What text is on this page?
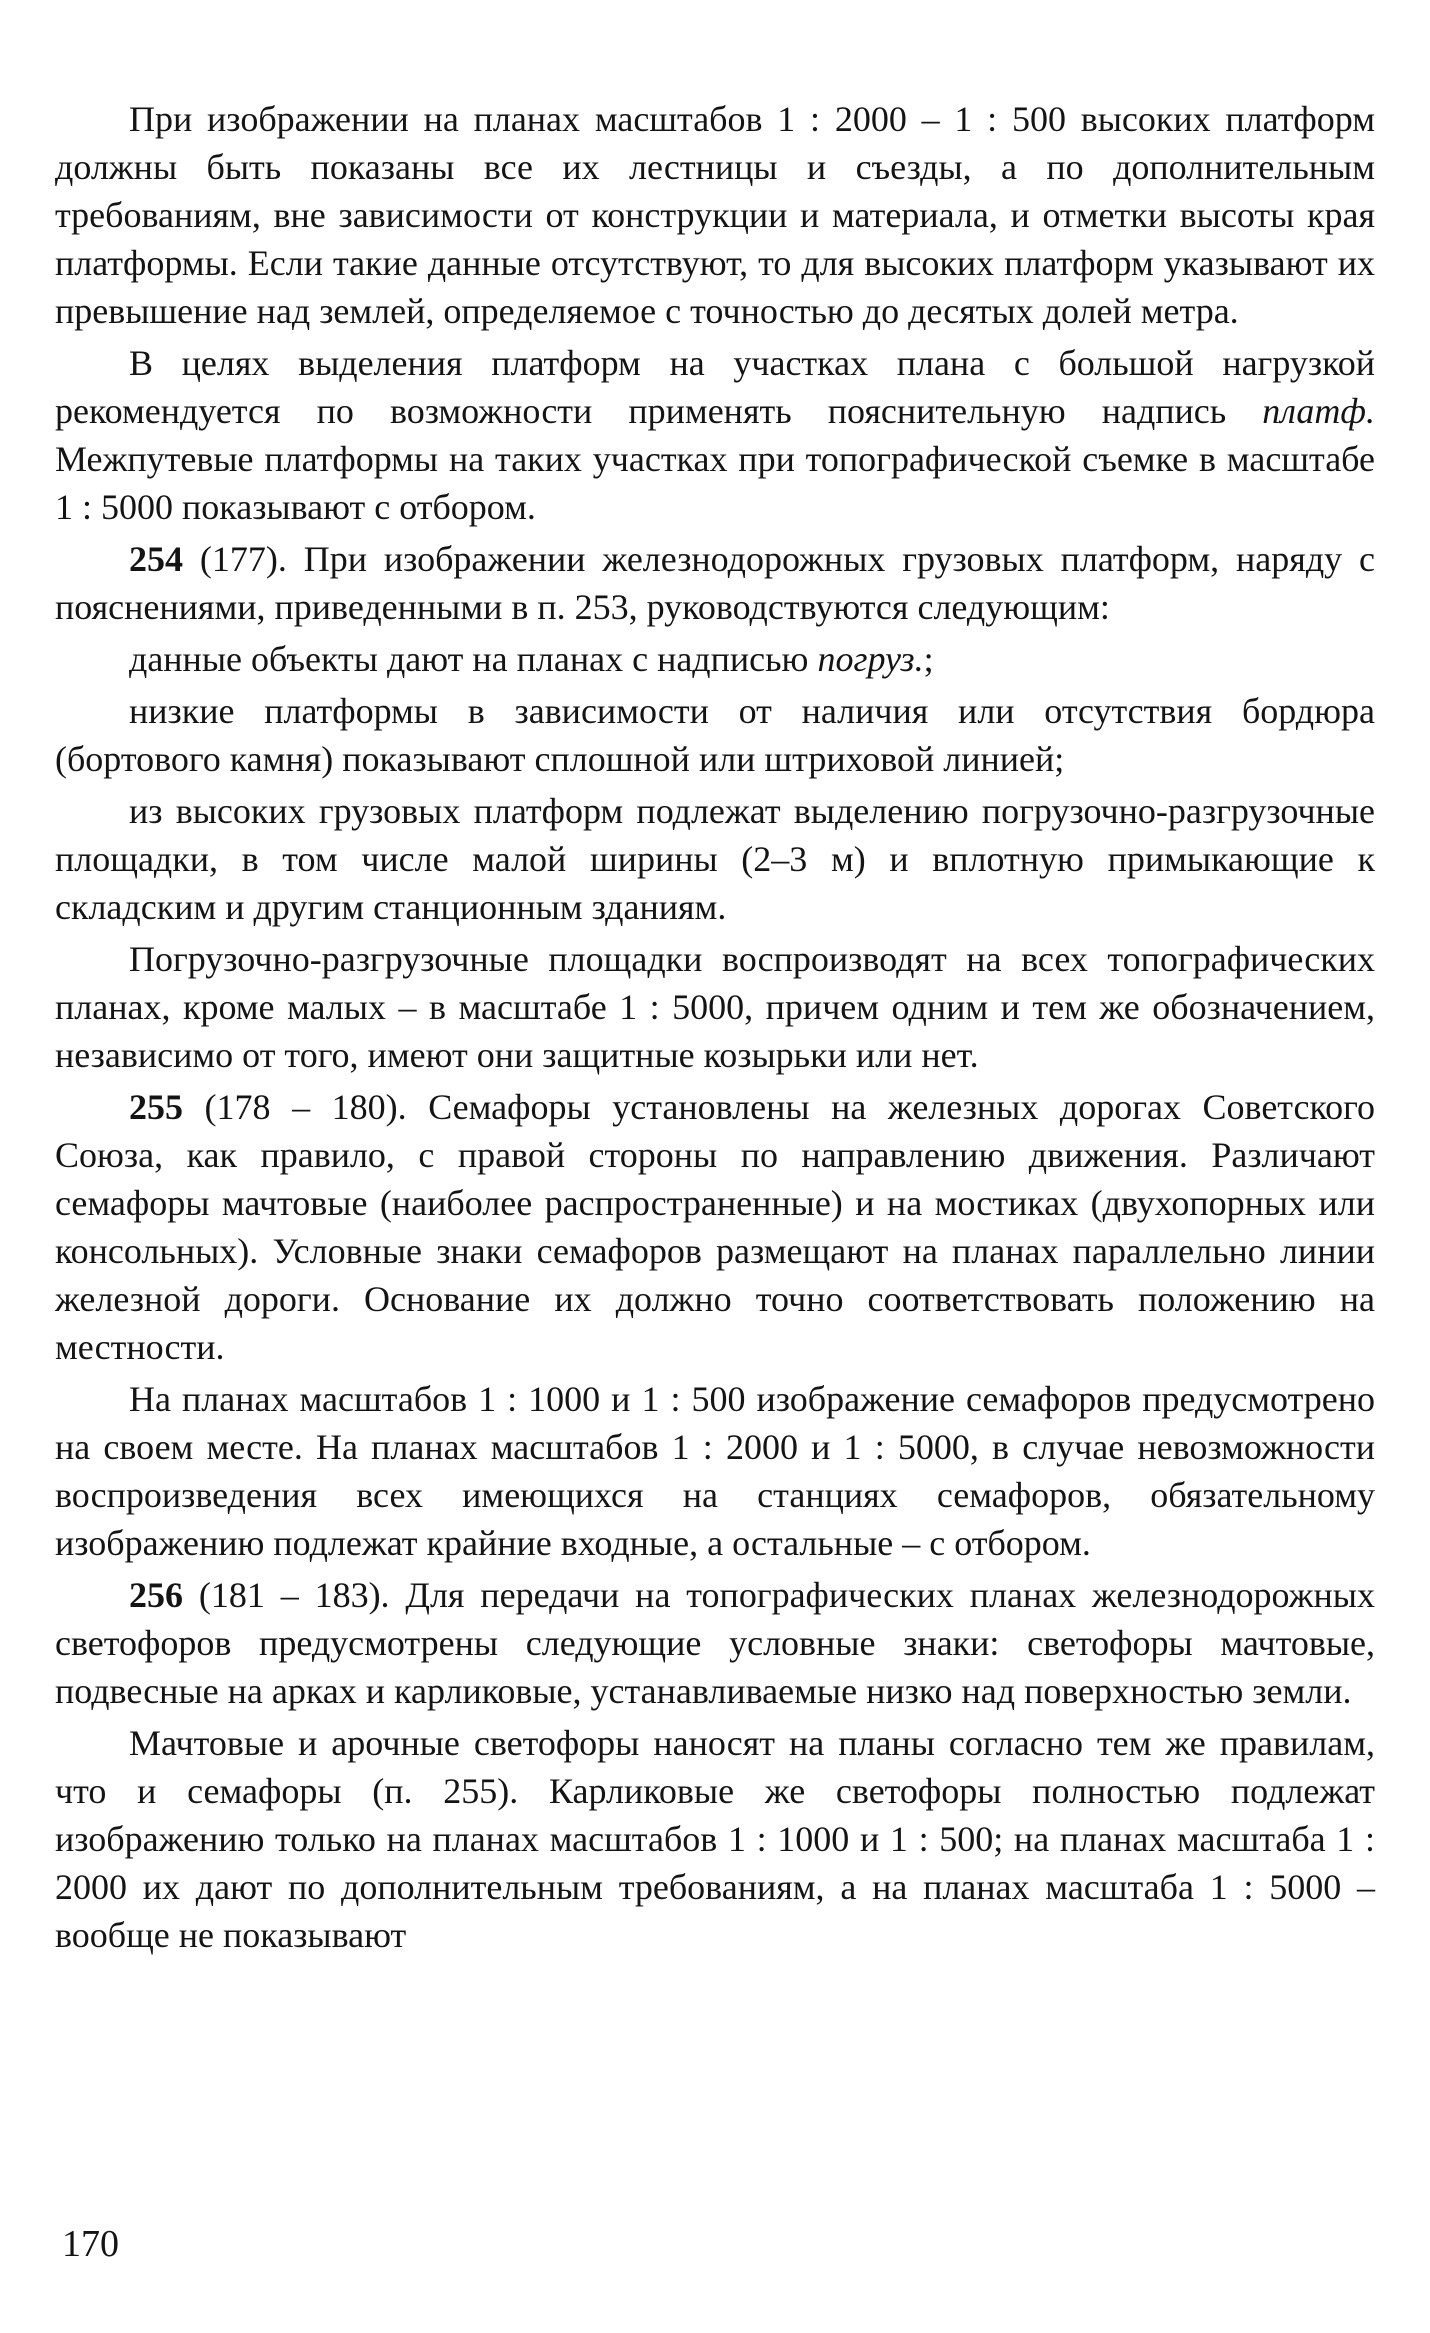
При изображении на планах масштабов 1 : 2000 – 1 : 500 высоких платформ должны быть показаны все их лестницы и съезды, а по дополнительным требованиям, вне зависимости от конструкции и материала, и отметки высоты края платформы. Если такие данные отсутствуют, то для высоких платформ указывают их превышение над землей, определяемое с точностью до десятых долей метра.

В целях выделения платформ на участках плана с большой нагрузкой рекомендуется по возможности применять пояснительную надпись платф. Межпутевые платформы на таких участках при топографической съемке в масштабе 1 : 5000 показывают с отбором.

254 (177). При изображении железнодорожных грузовых платформ, наряду с пояснениями, приведенными в п. 253, руководствуются следующим:

данные объекты дают на планах с надписью погруз.;

низкие платформы в зависимости от наличия или отсутствия бордюра (бортового камня) показывают сплошной или штриховой линией;

из высоких грузовых платформ подлежат выделению погрузочно-разгрузочные площадки, в том числе малой ширины (2–3 м) и вплотную примыкающие к складским и другим станционным зданиям.

Погрузочно-разгрузочные площадки воспроизводят на всех топографических планах, кроме малых – в масштабе 1 : 5000, причем одним и тем же обозначением, независимо от того, имеют они защитные козырьки или нет.

255 (178 – 180). Семафоры установлены на железных дорогах Советского Союза, как правило, с правой стороны по направлению движения. Различают семафоры мачтовые (наиболее распространенные) и на мостиках (двухопорных или консольных). Условные знаки семафоров размещают на планах параллельно линии железной дороги. Основание их должно точно соответствовать положению на местности.

На планах масштабов 1 : 1000 и 1 : 500 изображение семафоров предусмотрено на своем месте. На планах масштабов 1 : 2000 и 1 : 5000, в случае невозможности воспроизведения всех имеющихся на станциях семафоров, обязательному изображению подлежат крайние входные, а остальные – с отбором.

256 (181 – 183). Для передачи на топографических планах железнодорожных светофоров предусмотрены следующие условные знаки: светофоры мачтовые, подвесные на арках и карликовые, устанавливаемые низко над поверхностью земли.

Мачтовые и арочные светофоры наносят на планы согласно тем же правилам, что и семафоры (п. 255). Карликовые же светофоры полностью подлежат изображению только на планах масштабов 1 : 1000 и 1 : 500; на планах масштаба 1 : 2000 их дают по дополнительным требованиям, а на планах масштаба 1 : 5000 – вообще не показывают

170
